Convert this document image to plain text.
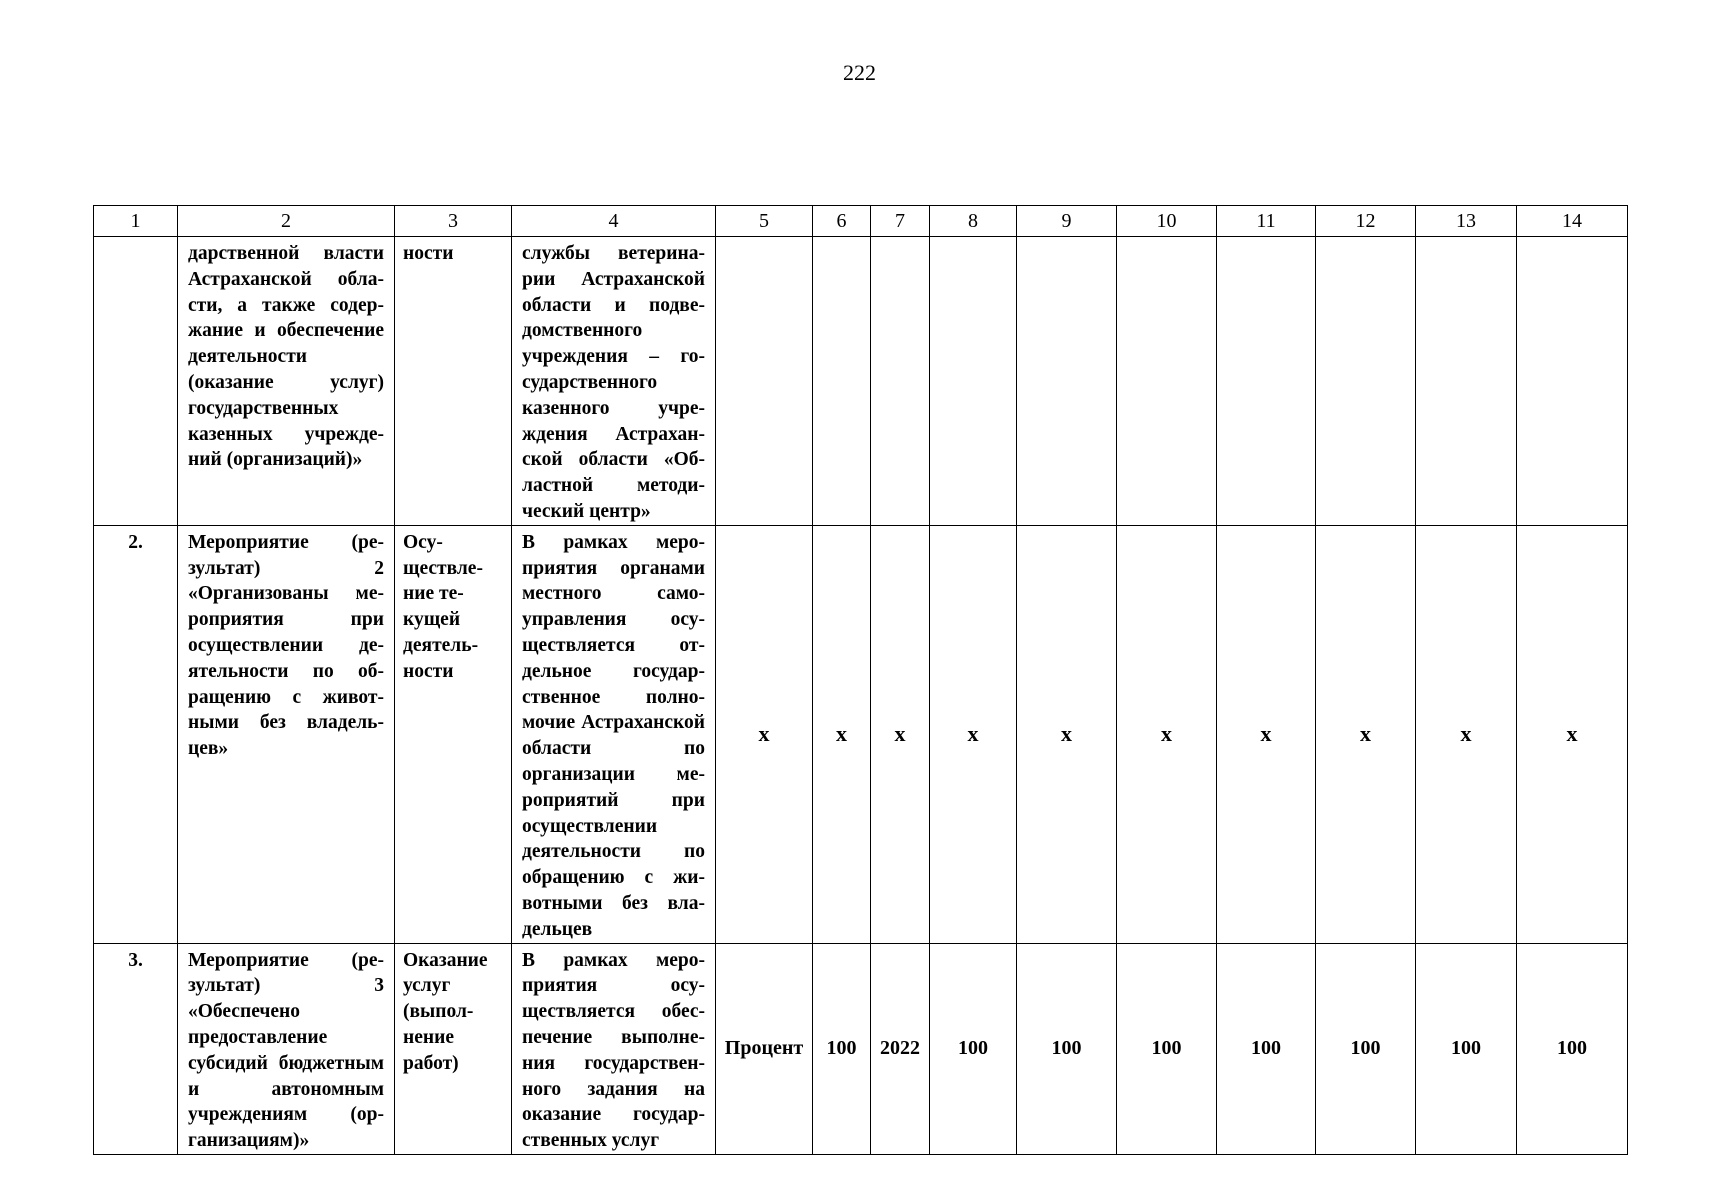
222
1	2	3	4	5	6	7	8	9	10	11	12	13	14
	дарственной власти Астраханской области, а также содержание и обеспечение деятельности (оказание услуг) государственных казенных учреждений (организаций)»	ности	службы ветеринарии Астраханской области и подведомственного учреждения – государственного казенного учреждения Астраханской области «Областной методический центр»										
2.	Мероприятие (результат) 2 «Организованы мероприятия при осуществлении деятельности по обращению с животными без владельцев»	Осуществление текущей деятельности	В рамках мероприятия органами местного самоуправления осуществляется отдельное государственное полномочие Астраханской области по организации мероприятий при осуществлении деятельности по обращению с животными без владельцев	х	х	х	х	х	х	х	х	х	х
3.	Мероприятие (результат) 3 «Обеспечено предоставление субсидий бюджетным и автономным учреждениям (организациям)»	Оказание услуг (выполнение работ)	В рамках мероприятия осуществляется обеспечение выполнения государственного задания на оказание государственных услуг	Процент	100	2022	100	100	100	100	100	100	100
